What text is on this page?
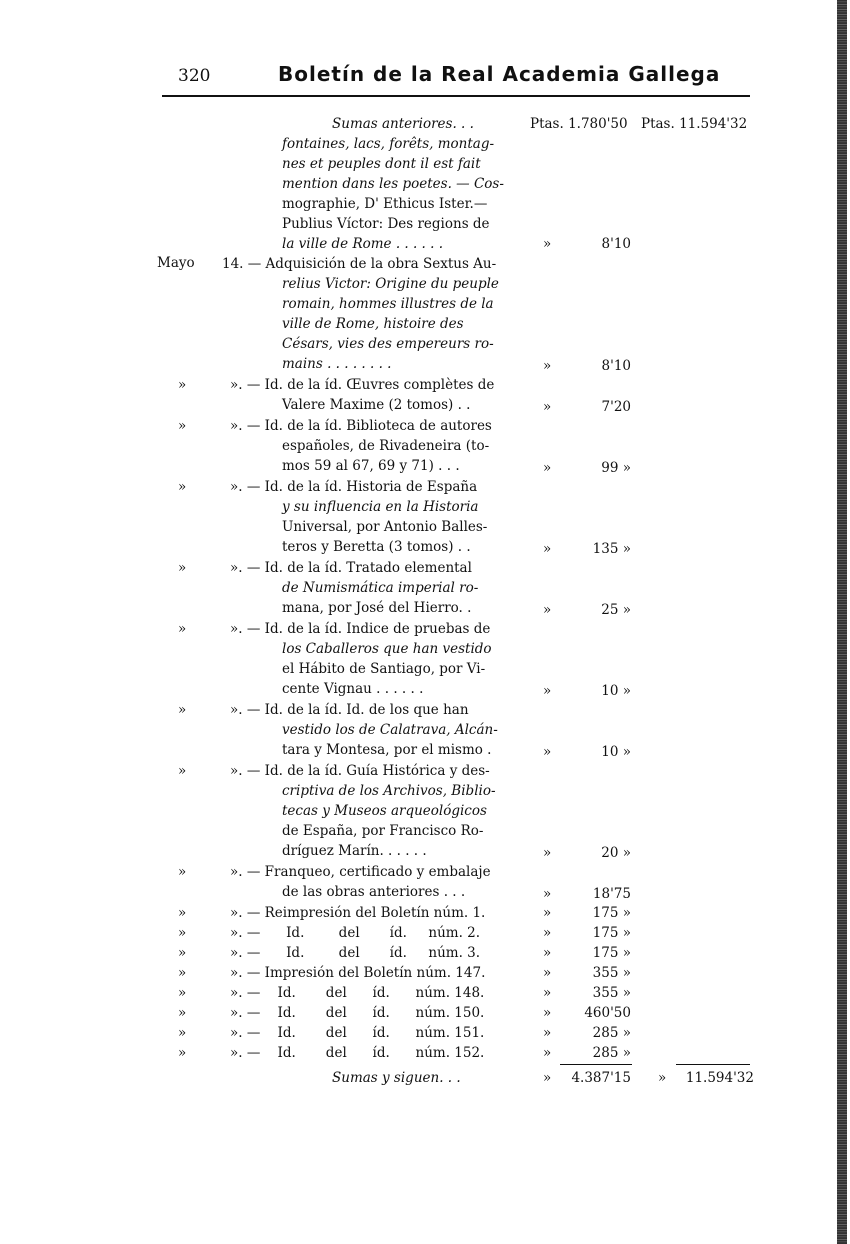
320	Boletín de la Real Academia Gallega
Sumas anteriores. . .	Ptas. 1.780'50 Ptas. 11.594'32
fontaines, lacs, forêts, montag-
nes et peuples dont il est fait
mention dans les poetes. — Cos-
mographie, D' Ethicus Ister.—
Publius Víctor: Des regions de
la ville de Rome . . . . . .	»	8'10
Mayo 14. — Adquisición de la obra Sextus Au-
relius Victor: Origine du peuple
romain, hommes illustres de la
ville de Rome, histoire des
Césars, vies des empereurs ro-
mains . . . . . . . .	»	8'10
»	». — Id. de la íd. Œuvres complètes de
Valere Maxime (2 tomos) . .	»	7'20
»	». — Id. de la íd. Biblioteca de autores
españoles, de Rivadeneira (to-
mos 59 al 67, 69 y 71) . . .	»	99 »
»	». — Id. de la íd. Historia de España
y su influencia en la Historia
Universal, por Antonio Balles-
teros y Beretta (3 tomos) . .	»	135 »
»	». — Id. de la íd. Tratado elemental
de Numismática imperial ro-
mana, por José del Hierro. .	»	25 »
»	». — Id. de la íd. Indice de pruebas de
los Caballeros que han vestido
el Hábito de Santiago, por Vi-
cente Vignau . . . . . .	»	10 »
»	». — Id. de la íd. Id. de los que han
vestido los de Calatrava, Alcán-
tara y Montesa, por el mismo .	»	10 »
»	». — Id. de la íd. Guía Histórica y des-
criptiva de los Archivos, Biblio-
tecas y Museos arqueológicos
de España, por Francisco Ro-
dríguez Marín. . . . . .	»	20 »
»	». — Franqueo, certificado y embalaje
de las obras anteriores . . .	»	18'75
»	». — Reimpresión del Boletín núm. 1.	»	175 »
»	». —      Id.        del       íd.     núm. 2.	»	175 »
»	». —      Id.        del       íd.     núm. 3.	»	175 »
»	». — Impresión del Boletín núm. 147.	»	355 »
»	». —    Id.       del      íd.      núm. 148.	»	355 »
»	». —    Id.       del      íd.      núm. 150.	» 460'50
»	». —    Id.       del      íd.      núm. 151.	»	285 »
»	». —    Id.       del      íd.      núm. 152.	»	285 »
Sumas y siguen. . .	» 4.387'15 » 11.594'32
